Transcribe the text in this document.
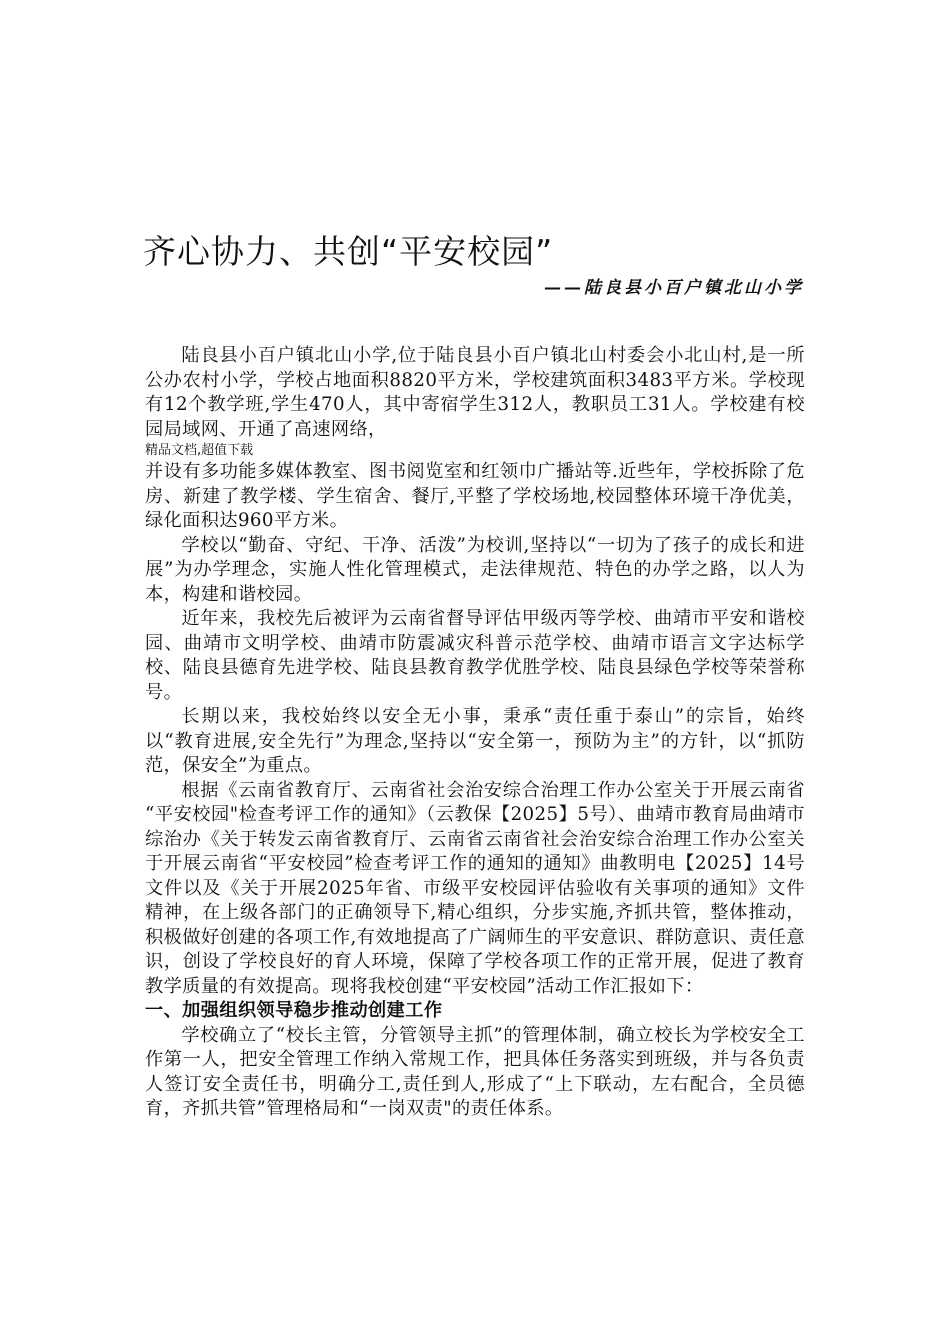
齐心协力、共创“平安校园”
——陆良县小百户镇北山小学

陆良县小百户镇北山小学,位于陆良县小百户镇北山村委会小北山村,是一所公办农村小学，学校占地面积8820平方米，学校建筑面积3483平方米。学校现有12个教学班,学生470人，其中寄宿学生312人，教职员工31人。学校建有校园局域网、开通了高速网络，

精品文档,超值下载

并设有多功能多媒体教室、图书阅览室和红领巾广播站等.近些年，学校拆除了危房、新建了教学楼、学生宿舍、餐厅,平整了学校场地,校园整体环境干净优美，绿化面积达960平方米。

学校以“勤奋、守纪、干净、活泼”为校训,坚持以“一切为了孩子的成长和进展”为办学理念，实施人性化管理模式，走法律规范、特色的办学之路，以人为本，构建和谐校园。

近年来，我校先后被评为云南省督导评估甲级丙等学校、曲靖市平安和谐校园、曲靖市文明学校、曲靖市防震减灾科普示范学校、曲靖市语言文字达标学校、陆良县德育先进学校、陆良县教育教学优胜学校、陆良县绿色学校等荣誉称号。

长期以来，我校始终以安全无小事，秉承“责任重于泰山”的宗旨，始终以“教育进展,安全先行”为理念,坚持以“安全第一，预防为主”的方针，以“抓防范，保安全”为重点。

根据《云南省教育厅、云南省社会治安综合治理工作办公室关于开展云南省 “平安校园"检查考评工作的通知》（云教保【2025】5号）、曲靖市教育局曲靖市综治办《关于转发云南省教育厅、云南省云南省社会治安综合治理工作办公室关于开展云南省“平安校园”检查考评工作的通知的通知》曲教明电【2025】14号文件以及《关于开展2025年省、市级平安校园评估验收有关事项的通知》文件精神，在上级各部门的正确领导下,精心组织，分步实施,齐抓共管，整体推动，积极做好创建的各项工作,有效地提高了广阔师生的平安意识、群防意识、责任意识，创设了学校良好的育人环境，保障了学校各项工作的正常开展，促进了教育教学质量的有效提高。现将我校创建“平安校园”活动工作汇报如下：

一、加强组织领导稳步推动创建工作

学校确立了“校长主管，分管领导主抓”的管理体制，确立校长为学校安全工作第一人，把安全管理工作纳入常规工作，把具体任务落实到班级，并与各负责人签订安全责任书，明确分工,责任到人,形成了“上下联动，左右配合，全员德育，齐抓共管”管理格局和“一岗双责"的责任体系。
